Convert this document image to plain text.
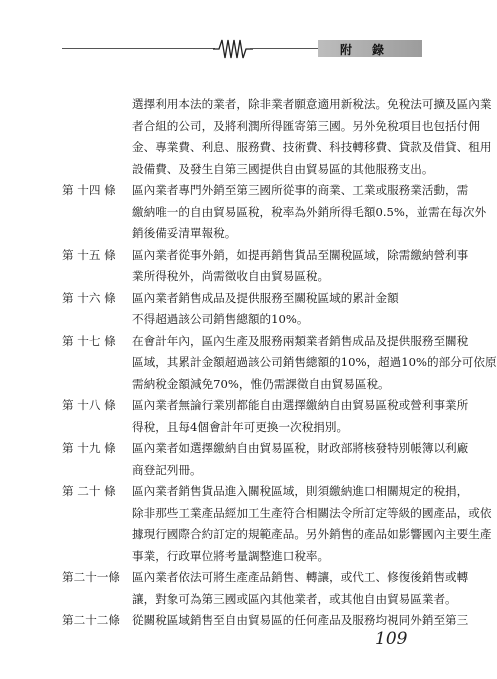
附　錄
選擇利用本法的業者，除非業者願意適用新稅法。免稅法可擴及區內業
者合組的公司，及將利潤所得匯寄第三國。另外免稅項目也包括付佣
金、專業費、利息、服務費、技術費、科技轉移費、貸款及借貸、租用
設備費、及發生自第三國提供自由貿易區的其他服務支出。
第 十四 條	區內業者專門外銷至第三國所從事的商業、工業或服務業活動，需
繳納唯一的自由貿易區稅，稅率為外銷所得毛額0.5%，並需在每次外
銷後備妥清單報稅。
第 十五 條	區內業者從事外銷，如提再銷售貨品至關稅區域，除需繳納營利事
業所得稅外，尚需徵收自由貿易區稅。
第 十六 條	區內業者銷售成品及提供服務至關稅區域的累計金額
不得超過該公司銷售總額的10%。
第 十七 條	在會計年內，區內生產及服務兩類業者銷售成品及提供服務至關稅
區域，其累計金額超過該公司銷售總額的10%，超過10%的部分可依原
需納稅金額減免70%，惟仍需課徵自由貿易區稅。
第 十八 條	區內業者無論行業別都能自由選擇繳納自由貿易區稅或營利事業所
得稅，且每4個會計年可更換一次稅捐別。
第 十九 條	區內業者如選擇繳納自由貿易區稅，財政部將核發特別帳簿以利廠
商登記列冊。
第 二十 條	區內業者銷售貨品進入關稅區域，則須繳納進口相關規定的稅捐，
除非那些工業產品經加工生產符合相關法令所訂定等級的國產品，或依
據現行國際合約訂定的規範產品。另外銷售的產品如影響國內主要生產
事業，行政單位將考量調整進口稅率。
第二十一條	區內業者依法可將生產產品銷售、轉讓，或代工、修復後銷售或轉
讓，對象可為第三國或區內其他業者，或其他自由貿易區業者。
第二十二條	從關稅區域銷售至自由貿易區的任何產品及服務均視同外銷至第三
109
